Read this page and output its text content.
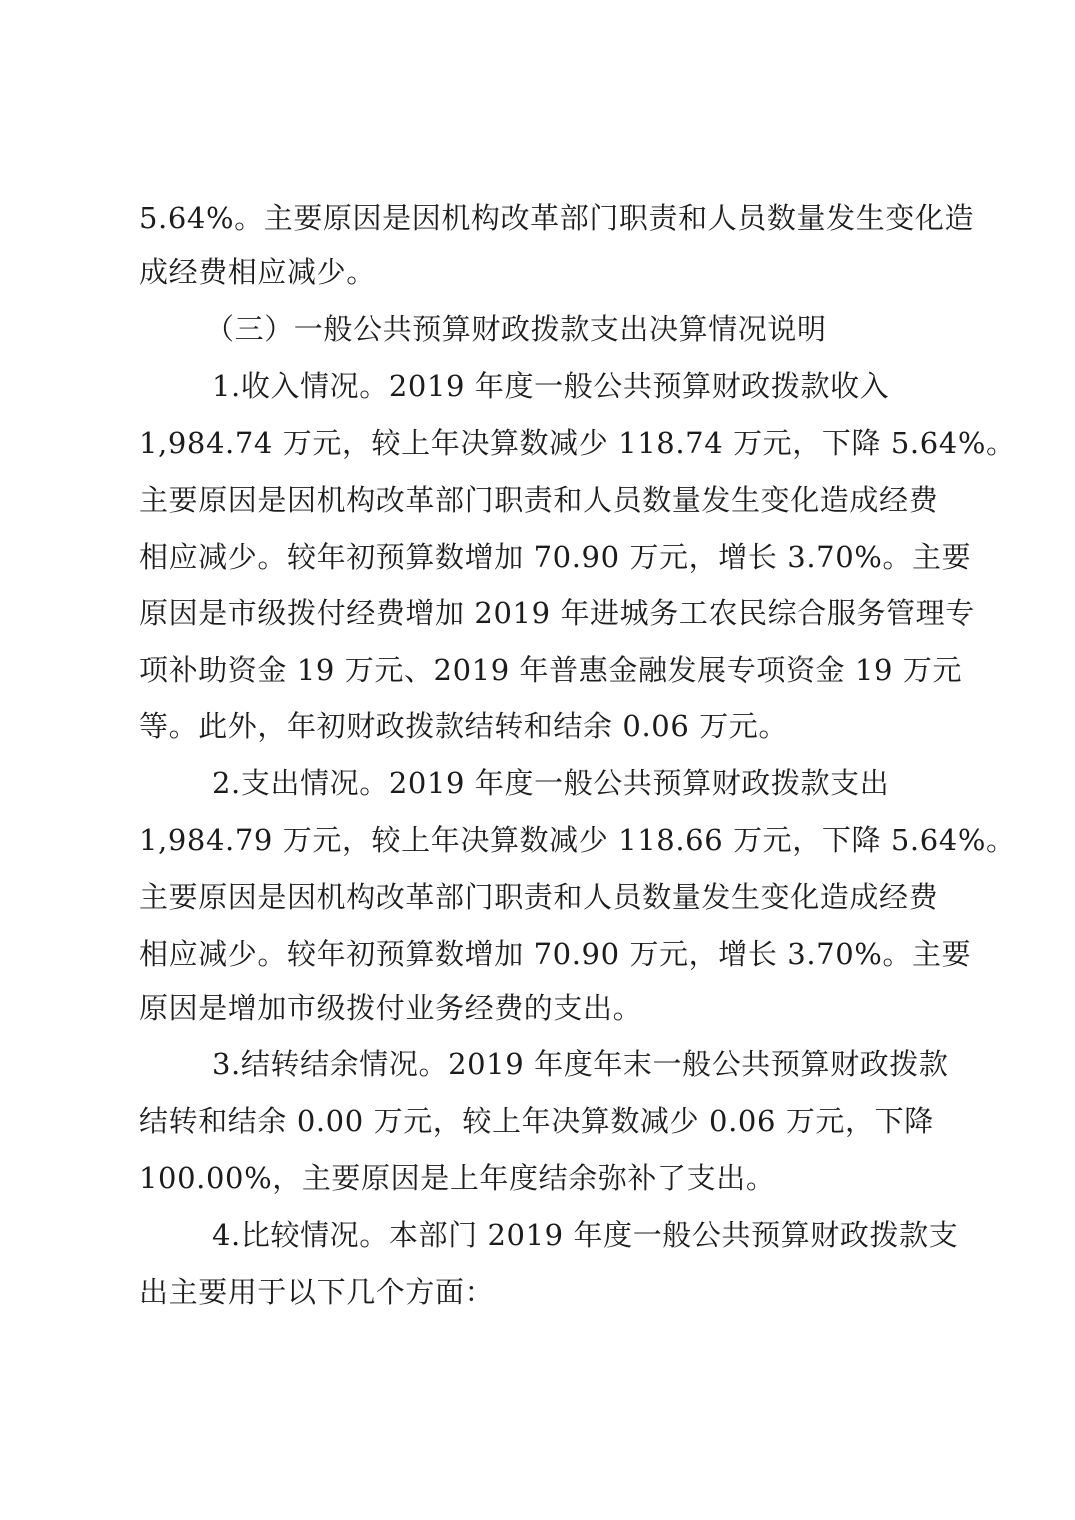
5.64%。主要原因是因机构改革部门职责和人员数量发生变化造
成经费相应减少。
（三）一般公共预算财政拨款支出决算情况说明
1.收入情况。2019 年度一般公共预算财政拨款收入
1,984.74 万元，较上年决算数减少 118.74 万元，下降 5.64%。
主要原因是因机构改革部门职责和人员数量发生变化造成经费
相应减少。较年初预算数增加 70.90 万元，增长 3.70%。主要
原因是市级拨付经费增加 2019 年进城务工农民综合服务管理专
项补助资金 19 万元、2019 年普惠金融发展专项资金 19 万元
等。此外，年初财政拨款结转和结余 0.06 万元。
2.支出情况。2019 年度一般公共预算财政拨款支出
1,984.79 万元，较上年决算数减少 118.66 万元，下降 5.64%。
主要原因是因机构改革部门职责和人员数量发生变化造成经费
相应减少。较年初预算数增加 70.90 万元，增长 3.70%。主要
原因是增加市级拨付业务经费的支出。
3.结转结余情况。2019 年度年末一般公共预算财政拨款
结转和结余 0.00 万元，较上年决算数减少 0.06 万元，下降
100.00%，主要原因是上年度结余弥补了支出。
4.比较情况。本部门 2019 年度一般公共预算财政拨款支
出主要用于以下几个方面：
